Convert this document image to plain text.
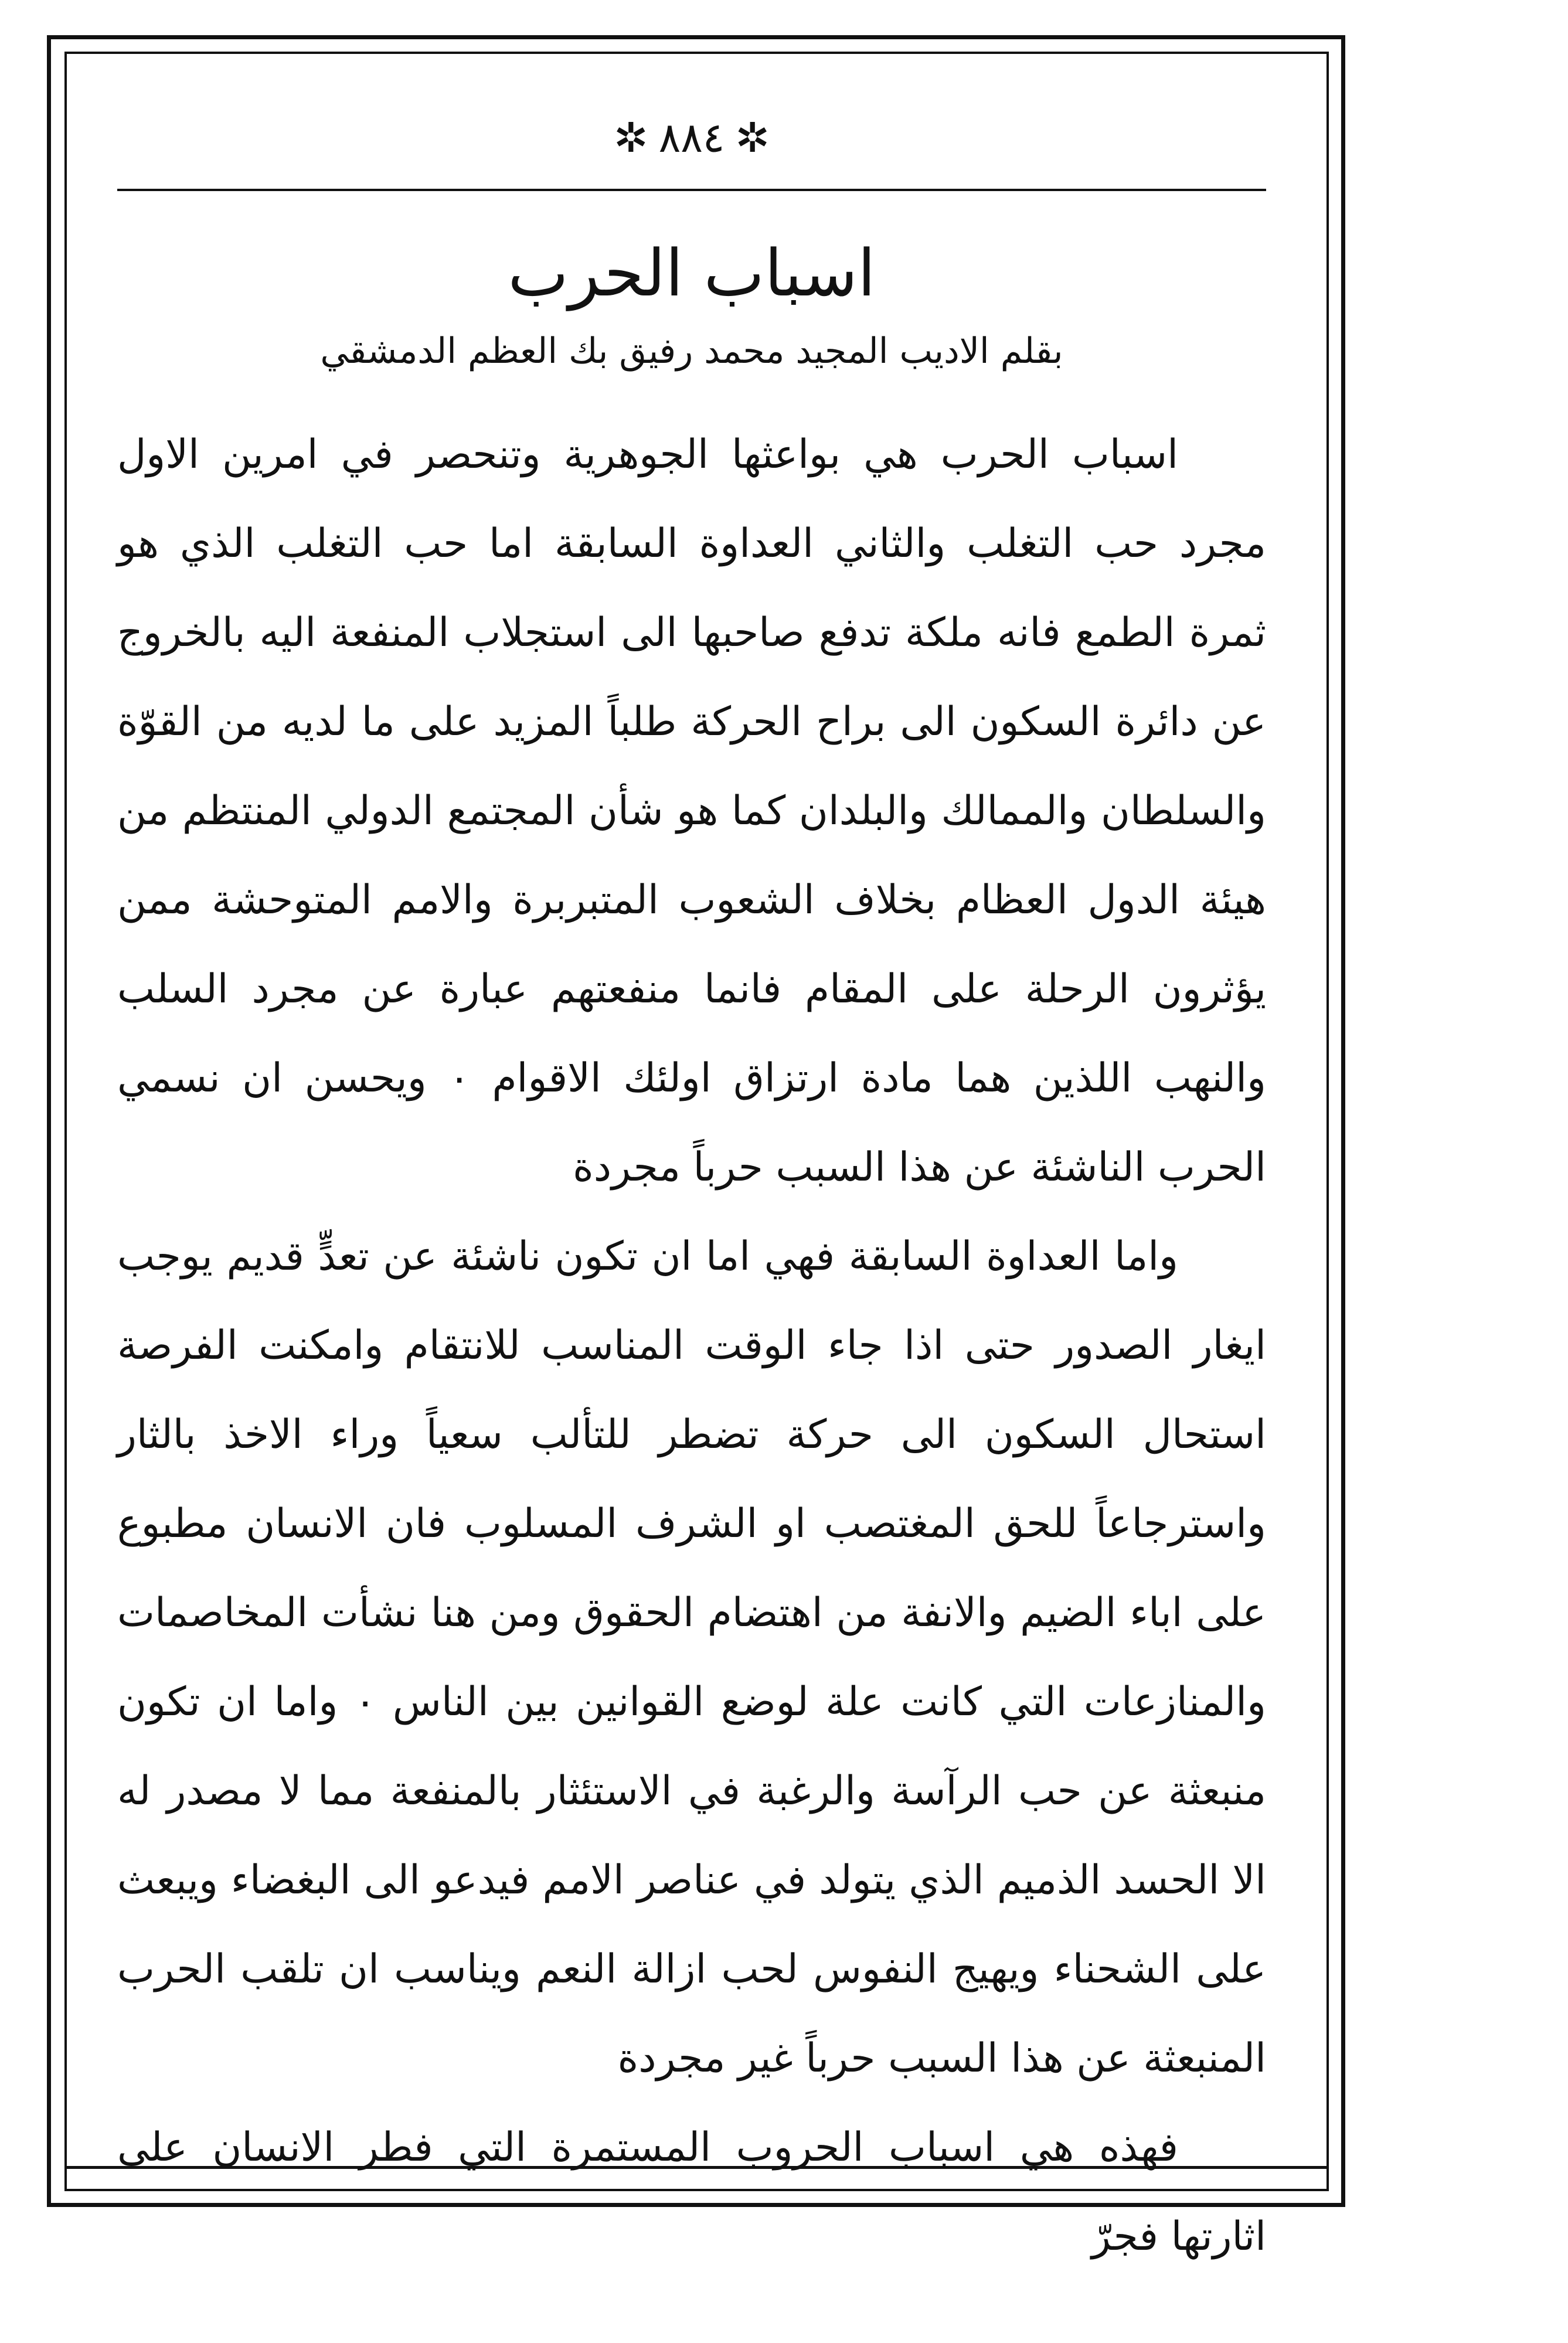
✲ ٨٨٤ ✲
اسباب الحرب
بقلم الاديب المجيد محمد رفيق بك العظم الدمشقي

اسباب الحرب هي بواعثها الجوهرية وتنحصر في امرين الاول مجرد حب التغلب والثاني العداوة السابقة اما حب التغلب الذي هو ثمرة الطمع فانه ملكة تدفع صاحبها الى استجلاب المنفعة اليه بالخروج عن دائرة السكون الى براح الحركة طلباً المزيد على ما لديه من القوّة والسلطان والممالك والبلدان كما هو شأن المجتمع الدولي المنتظم من هيئة الدول العظام بخلاف الشعوب المتبربرة والامم المتوحشة ممن يؤثرون الرحلة على المقام فانما منفعتهم عبارة عن مجرد السلب والنهب اللذين هما مادة ارتزاق اولئك الاقوام ٠ ويحسن ان نسمي الحرب الناشئة عن هذا السبب حرباً مجردة

واما العداوة السابقة فهي اما ان تكون ناشئة عن تعدٍّ قديم يوجب ايغار الصدور حتى اذا جاء الوقت المناسب للانتقام وامكنت الفرصة استحال السكون الى حركة تضطر للتألب سعياً وراء الاخذ بالثار واسترجاعاً للحق المغتصب او الشرف المسلوب فان الانسان مطبوع على اباء الضيم والانفة من اهتضام الحقوق ومن هنا نشأت المخاصمات والمنازعات التي كانت علة لوضع القوانين بين الناس ٠ واما ان تكون منبعثة عن حب الرآسة والرغبة في الاستئثار بالمنفعة مما لا مصدر له الا الحسد الذميم الذي يتولد في عناصر الامم فيدعو الى البغضاء ويبعث على الشحناء ويهيج النفوس لحب ازالة النعم ويناسب ان تلقب الحرب المنبعثة عن هذا السبب حرباً غير مجردة

فهذه هي اسباب الحروب المستمرة التي فطر الانسان على اثارتها فجرّ
